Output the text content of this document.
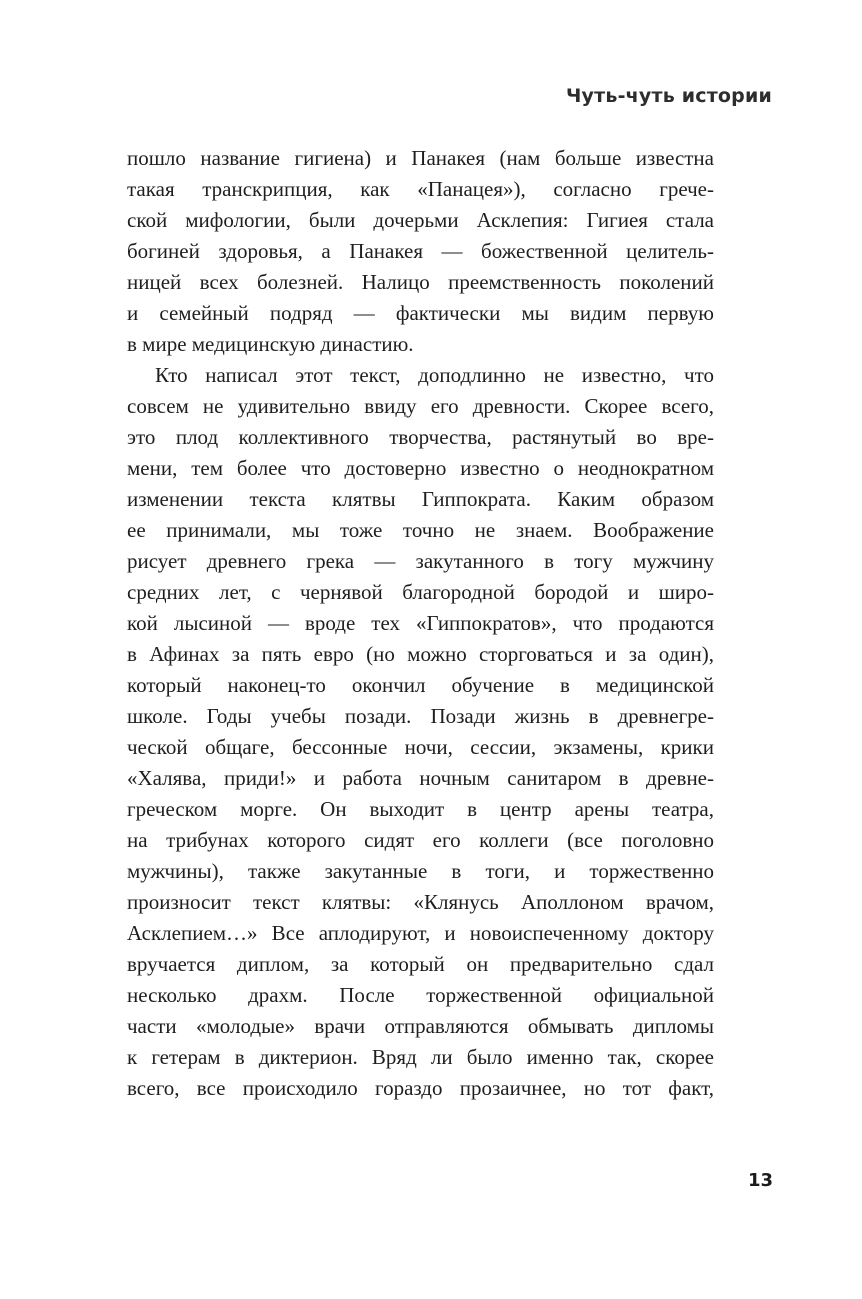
Чуть-чуть истории
пошло название гигиена) и Панакея (нам больше известна
такая транскрипция, как «Панацея»), согласно грече-
ской мифологии, были дочерьми Асклепия: Гигиея стала
богиней здоровья, а Панакея — божественной целитель-
ницей всех болезней. Налицо преемственность поколений
и семейный подряд — фактически мы видим первую
в мире медицинскую династию.
Кто написал этот текст, доподлинно не известно, что
совсем не удивительно ввиду его древности. Скорее всего,
это плод коллективного творчества, растянутый во вре-
мени, тем более что достоверно известно о неоднократном
изменении текста клятвы Гиппократа. Каким образом
ее принимали, мы тоже точно не знаем. Воображение
рисует древнего грека — закутанного в тогу мужчину
средних лет, с чернявой благородной бородой и широ-
кой лысиной — вроде тех «Гиппократов», что продаются
в Афинах за пять евро (но можно сторговаться и за один),
который наконец-то окончил обучение в медицинской
школе. Годы учебы позади. Позади жизнь в древнегре-
ческой общаге, бессонные ночи, сессии, экзамены, крики
«Халява, приди!» и работа ночным санитаром в древне-
греческом морге. Он выходит в центр арены театра,
на трибунах которого сидят его коллеги (все поголовно
мужчины), также закутанные в тоги, и торжественно
произносит текст клятвы: «Клянусь Аполлоном врачом,
Асклепием…» Все аплодируют, и новоиспеченному доктору
вручается диплом, за который он предварительно сдал
несколько драхм. После торжественной официальной
части «молодые» врачи отправляются обмывать дипломы
к гетерам в диктерион. Вряд ли было именно так, скорее
всего, все происходило гораздо прозаичнее, но тот факт,
13
